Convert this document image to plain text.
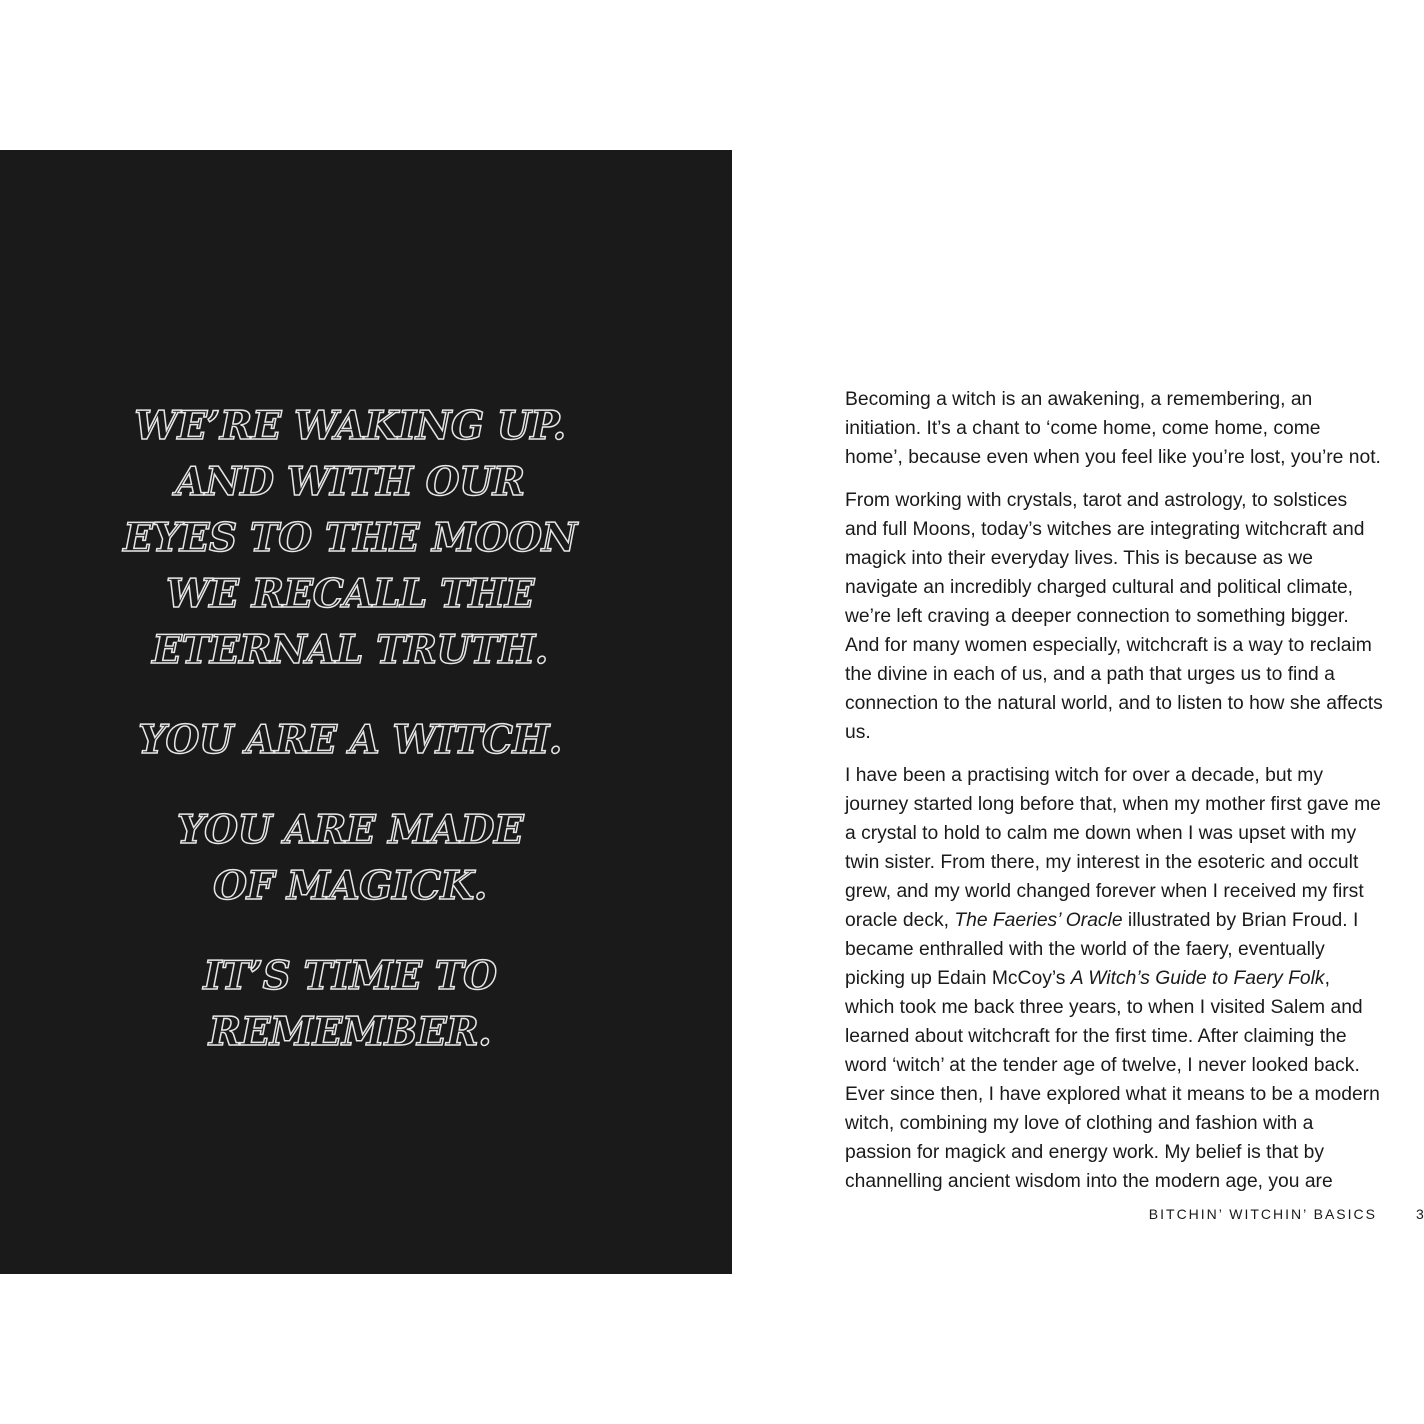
WE’RE WAKING UP.
AND WITH OUR
EYES TO THE MOON
WE RECALL THE
ETERNAL TRUTH.

YOU ARE A WITCH.

YOU ARE MADE
OF MAGICK.

IT’S TIME TO
REMEMBER.

Becoming a witch is an awakening, a remembering, an initiation. It’s a chant to ‘come home, come home, come home’, because even when you feel like you’re lost, you’re not.

From working with crystals, tarot and astrology, to solstices and full Moons, today’s witches are integrating witchcraft and magick into their everyday lives. This is because as we navigate an incredibly charged cultural and political climate, we’re left craving a deeper connection to something bigger. And for many women especially, witchcraft is a way to reclaim the divine in each of us, and a path that urges us to find a connection to the natural world, and to listen to how she affects us.

I have been a practising witch for over a decade, but my journey started long before that, when my mother first gave me a crystal to hold to calm me down when I was upset with my twin sister. From there, my interest in the esoteric and occult grew, and my world changed forever when I received my first oracle deck, The Faeries’ Oracle illustrated by Brian Froud. I became enthralled with the world of the faery, eventually picking up Edain McCoy’s A Witch’s Guide to Faery Folk, which took me back three years, to when I visited Salem and learned about witchcraft for the first time. After claiming the word ‘witch’ at the tender age of twelve, I never looked back. Ever since then, I have explored what it means to be a modern witch, combining my love of clothing and fashion with a passion for magick and energy work. My belief is that by channelling ancient wisdom into the modern age, you are

BITCHIN’ WITCHIN’ BASICS	3
